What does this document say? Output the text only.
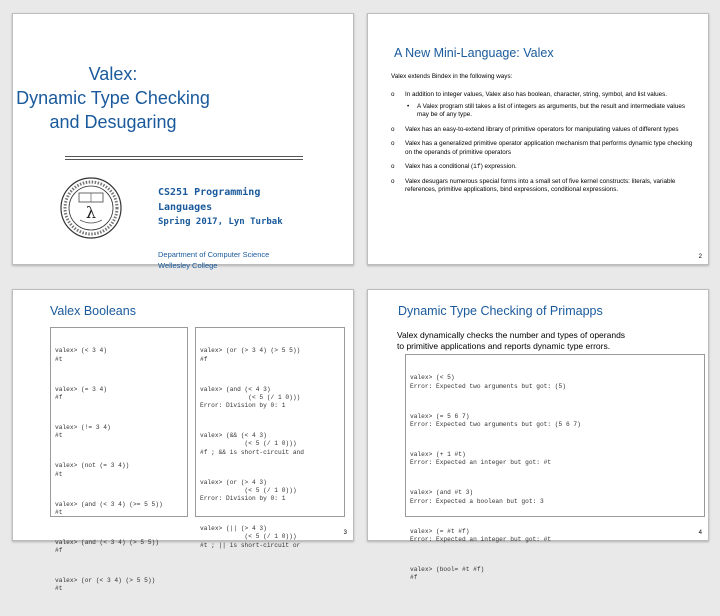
Valex:
Dynamic Type Checking
and Desugaring
λ
CS251 Programming
Languages
Spring 2017, Lyn Turbak
Department of Computer Science
Wellesley College
A New Mini-Language: Valex
Valex extends Bindex in the following ways:
o In addition to integer values, Valex also has boolean, character, string, symbol, and list values.
• A Valex program still takes a list of integers as arguments, but the result and intermediate values may be of any type.
o Valex has an easy-to-extend library of primitive operators for manipulating values of different types
o Valex has a generalized primitive operator application mechanism that performs dynamic type checking on the operands of primitive operators
o Valex has a conditional (if) expression.
o Valex desugars numerous special forms into a small set of five kernel constructs: literals, variable references, primitive applications, bind expressions, conditional expressions.
2
Valex Booleans

valex> (< 3 4)
#t

valex> (= 3 4)
#f

valex> (!= 3 4)
#t

valex> (not (= 3 4))
#t

valex> (and (< 3 4) (>= 5 5))
#t

valex> (and (< 3 4) (> 5 5))
#f

valex> (or (< 3 4) (> 5 5))
#t

valex> (or (> 3 4) (> 5 5))
#f

valex> (and (< 4 3)
(< 5 (/ 1 0)))
Error: Division by 0: 1

valex> (&& (< 4 3)
(< 5 (/ 1 0)))
#f ; && is short-circuit and

valex> (or (> 4 3)
(< 5 (/ 1 0)))
Error: Division by 0: 1

valex> (|| (> 4 3)
(< 5 (/ 1 0)))
#t ; || is short-circuit or

3
Dynamic Type Checking of Primapps
Valex dynamically checks the number and types of operands
to primitive applications and reports dynamic type errors.

valex> (< 5)
Error: Expected two arguments but got: (5)

valex> (= 5 6 7)
Error: Expected two arguments but got: (5 6 7)

valex> (+ 1 #t)
Error: Expected an integer but got: #t

valex> (and #t 3)
Error: Expected a boolean but got: 3

valex> (= #t #f)
Error: Expected an integer but got: #t

valex> (bool= #t #f)
#f

4
